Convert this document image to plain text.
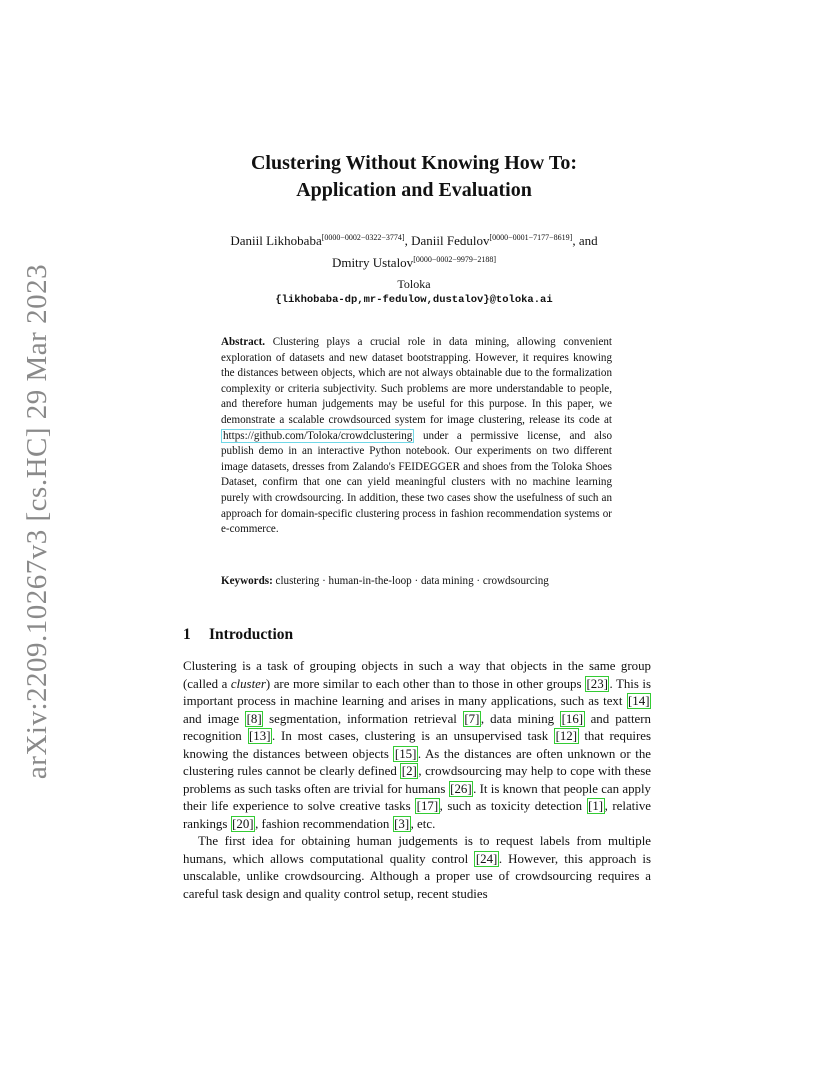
arXiv:2209.10267v3 [cs.HC] 29 Mar 2023
Clustering Without Knowing How To:
Application and Evaluation
Daniil Likhobaba[0000−0002−0322−3774], Daniil Fedulov[0000−0001−7177−8619], and
Dmitry Ustalov[0000−0002−9979−2188]
Toloka
{likhobaba-dp,mr-fedulow,dustalov}@toloka.ai
Abstract. Clustering plays a crucial role in data mining, allowing convenient exploration of datasets and new dataset bootstrapping. However, it requires knowing the distances between objects, which are not always obtainable due to the formalization complexity or criteria subjectivity. Such problems are more understandable to people, and therefore human judgements may be useful for this purpose. In this paper, we demonstrate a scalable crowdsourced system for image clustering, release its code at https://github.com/Toloka/crowdclustering under a permissive license, and also publish demo in an interactive Python notebook. Our experiments on two different image datasets, dresses from Zalando's FEIDEGGER and shoes from the Toloka Shoes Dataset, confirm that one can yield meaningful clusters with no machine learning purely with crowdsourcing. In addition, these two cases show the usefulness of such an approach for domain-specific clustering process in fashion recommendation systems or e-commerce.
Keywords: clustering · human-in-the-loop · data mining · crowdsourcing
1 Introduction

Clustering is a task of grouping objects in such a way that objects in the same group (called a cluster) are more similar to each other than to those in other groups [23] . This is important process in machine learning and arises in many applications, such as text [14] and image [8] segmentation, information retrieval [7] , data mining [16] and pattern recognition [13] . In most cases, clustering is an unsupervised task [12] that requires knowing the distances between objects [15] . As the distances are often unknown or the clustering rules cannot be clearly defined [2] , crowdsourcing may help to cope with these problems as such tasks often are trivial for humans [26] . It is known that people can apply their life experience to solve creative tasks [17] , such as toxicity detection [1] , relative rankings [20] , fashion recommendation [3] , etc.

The first idea for obtaining human judgements is to request labels from multiple humans, which allows computational quality control [24] . However, this approach is unscalable, unlike crowdsourcing. Although a proper use of crowdsourcing requires a careful task design and quality control setup, recent studies
